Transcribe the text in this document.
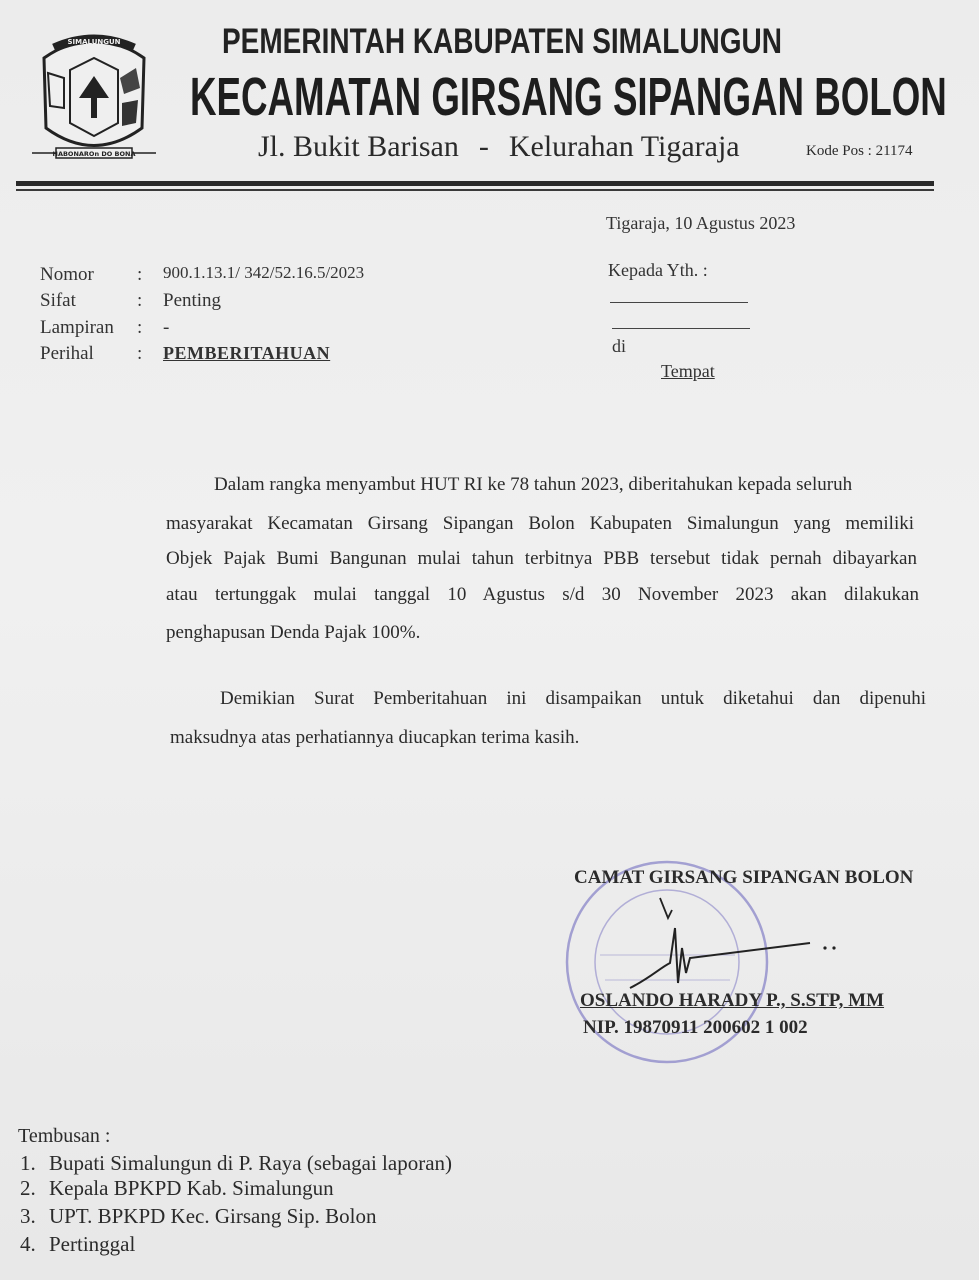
SIMALUNGUN
HABONAROn DO BONA
PEMERINTAH KABUPATEN SIMALUNGUN
KECAMATAN GIRSANG SIPANGAN BOLON
Jl. Bukit Barisan - Kelurahan Tigaraja	Kode Pos : 21174
Tigaraja, 10 Agustus 2023
Nomor : 900.1.13.1/ 342/52.16.5/2023
Sifat	: Penting
Lampiran : -
Perihal : PEMBERITAHUAN
Kepada Yth. :
di
Tempat
Dalam rangka menyambut HUT RI ke 78 tahun 2023, diberitahukan kepada seluruh
masyarakat Kecamatan Girsang Sipangan Bolon Kabupaten Simalungun yang memiliki
Objek Pajak Bumi Bangunan mulai tahun terbitnya PBB tersebut tidak pernah dibayarkan
atau tertunggak mulai tanggal 10 Agustus s/d 30 November 2023 akan dilakukan
penghapusan Denda Pajak 100%.
Demikian Surat Pemberitahuan ini disampaikan untuk diketahui dan dipenuhi
maksudnya atas perhatiannya diucapkan terima kasih.
CAMAT GIRSANG SIPANGAN BOLON
OSLANDO HARADY P., S.STP, MM
NIP. 19870911 200602 1 002
Tembusan :
1. Bupati Simalungun di P. Raya (sebagai laporan)
2. Kepala BPKPD Kab. Simalungun
3. UPT. BPKPD Kec. Girsang Sip. Bolon
4. Pertinggal
